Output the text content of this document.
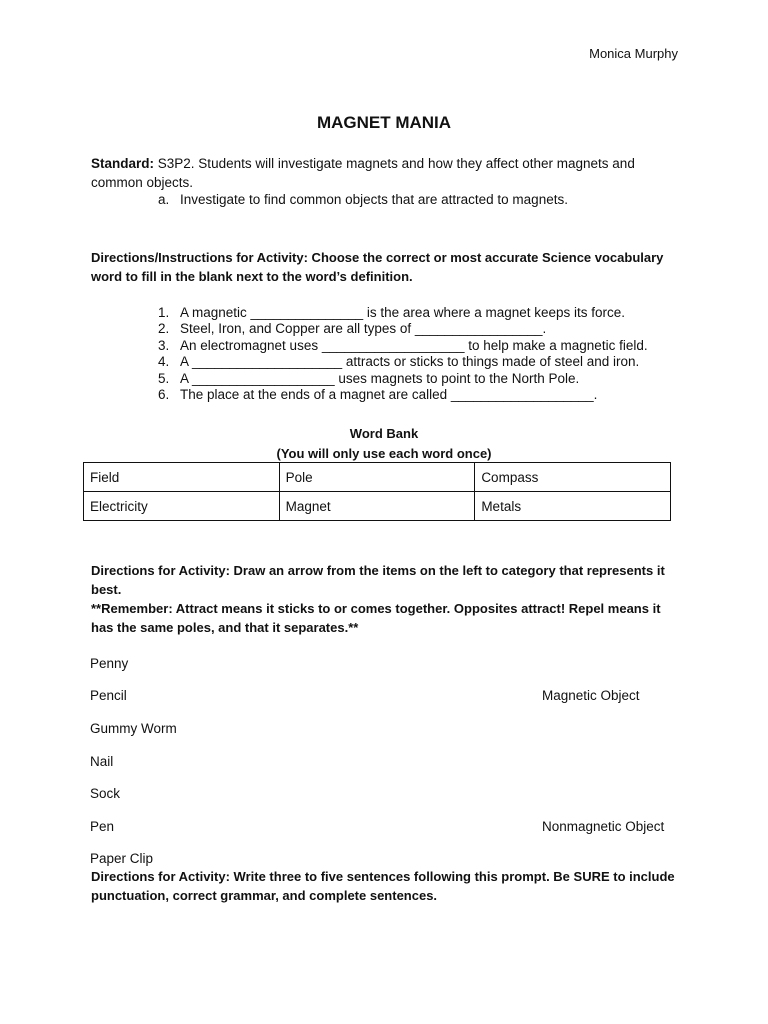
Monica Murphy
MAGNET MANIA
Standard: S3P2. Students will investigate magnets and how they affect other magnets and common objects.
a. Investigate to find common objects that are attracted to magnets.
Directions/Instructions for Activity: Choose the correct or most accurate Science vocabulary word to fill in the blank next to the word’s definition.
1. A magnetic _______________ is the area where a magnet keeps its force.
2. Steel, Iron, and Copper are all types of _________________.
3. An electromagnet uses ___________________ to help make a magnetic field.
4. A ____________________ attracts or sticks to things made of steel and iron.
5. A ___________________ uses magnets to point to the North Pole.
6. The place at the ends of a magnet are called ___________________.
Word Bank
(You will only use each word once)
Field	Pole	Compass
Electricity	Magnet	Metals
Directions for Activity: Draw an arrow from the items on the left to category that represents it best.
**Remember: Attract means it sticks to or comes together. Opposites attract! Repel means it has the same poles, and that it separates.**
Penny
Pencil
Gummy Worm
Nail
Sock
Pen
Paper Clip
Magnetic Object
Nonmagnetic Object
Directions for Activity: Write three to five sentences following this prompt. Be SURE to include punctuation, correct grammar, and complete sentences.
